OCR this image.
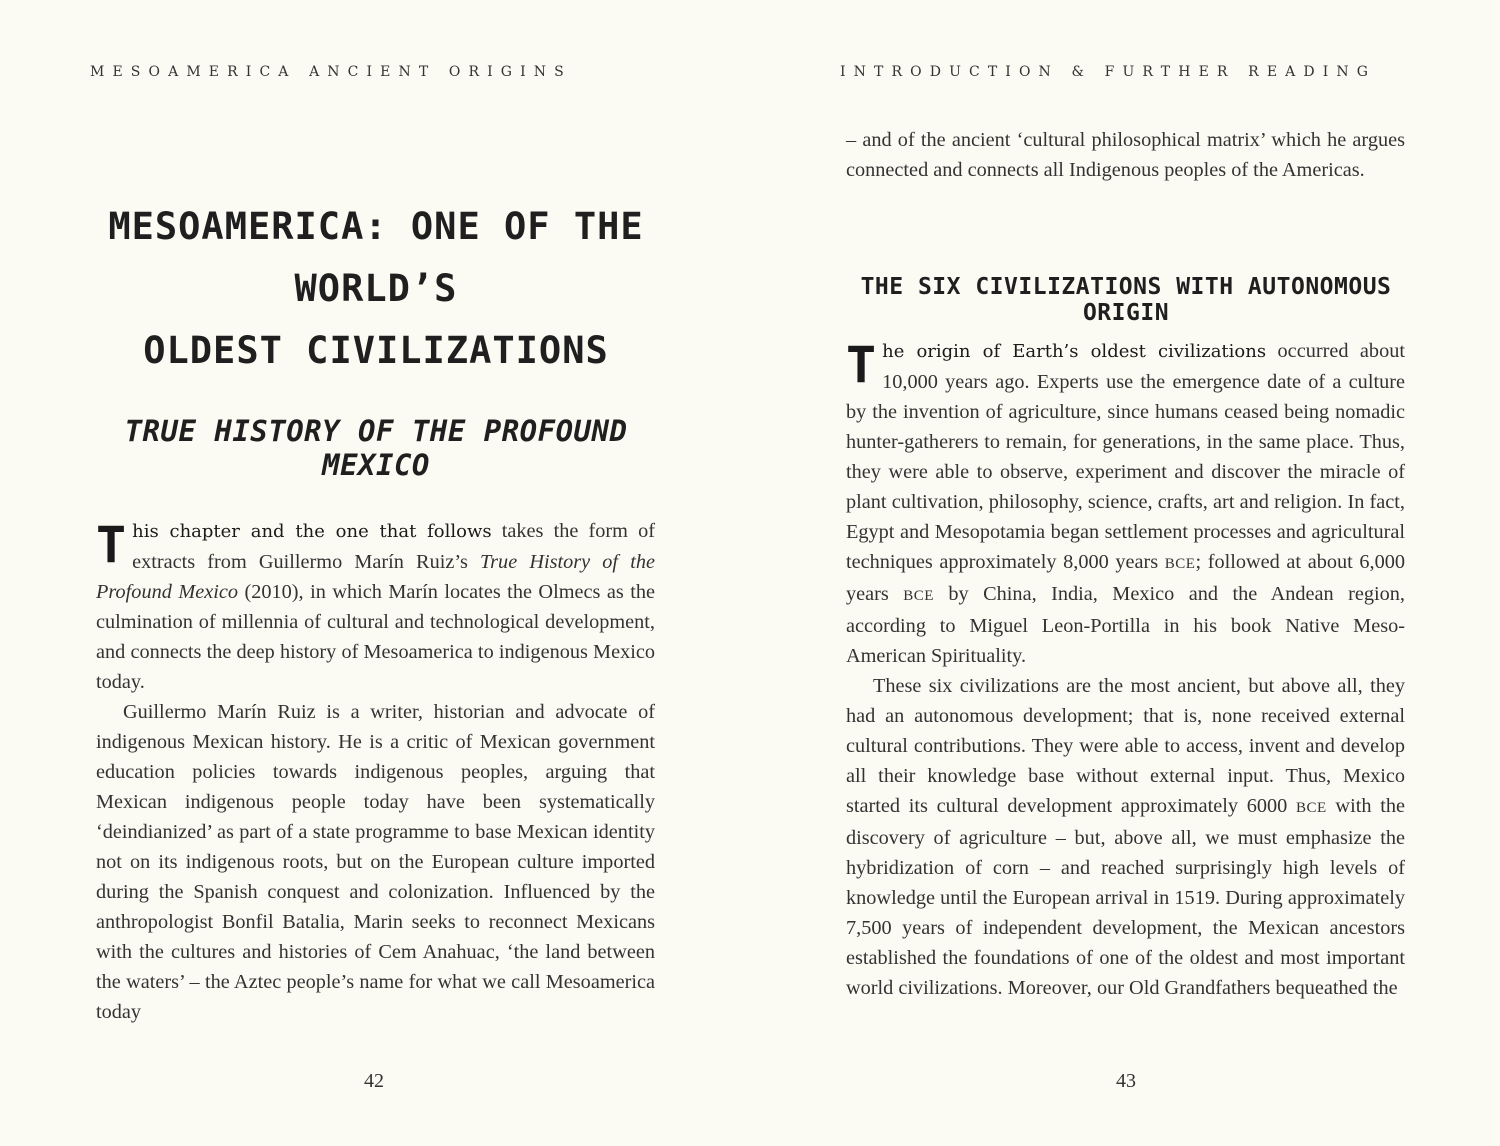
MESOAMERICA ANCIENT ORIGINS
MESOAMERICA: ONE OF THE WORLD’S
OLDEST CIVILIZATIONS
TRUE HISTORY OF THE PROFOUND MEXICO

This chapter and the one that follows takes the form of extracts from Guillermo Marín Ruiz’s True History of the Profound Mexico (2010), in which Marín locates the Olmecs as the culmination of millennia of cultural and technological development, and connects the deep history of Mesoamerica to indigenous Mexico today.

Guillermo Marín Ruiz is a writer, historian and advocate of indigenous Mexican history. He is a critic of Mexican government education policies towards indigenous peoples, arguing that Mexican indigenous people today have been systematically ‘deindianized’ as part of a state programme to base Mexican identity not on its indigenous roots, but on the European culture imported during the Spanish conquest and colonization. Influenced by the anthropologist Bonfil Batalia, Marin seeks to reconnect Mexicans with the cultures and histories of Cem Anahuac, ‘the land between the waters’ – the Aztec people’s name for what we call Mesoamerica today

42
INTRODUCTION & FURTHER READING

– and of the ancient ‘cultural philosophical matrix’ which he argues connected and connects all Indigenous peoples of the Americas.

THE SIX CIVILIZATIONS WITH AUTONOMOUS ORIGIN

The origin of Earth’s oldest civilizations occurred about 10,000 years ago. Experts use the emergence date of a culture by the invention of agriculture, since humans ceased being nomadic hunter-gatherers to remain, for generations, in the same place. Thus, they were able to observe, experiment and discover the miracle of plant cultivation, philosophy, science, crafts, art and religion. In fact, Egypt and Mesopotamia began settlement processes and agricultural techniques approximately 8,000 years BCE; followed at about 6,000 years BCE by China, India, Mexico and the Andean region, according to Miguel Leon-Portilla in his book Native Meso-American Spirituality.

These six civilizations are the most ancient, but above all, they had an autonomous development; that is, none received external cultural contributions. They were able to access, invent and develop all their knowledge base without external input. Thus, Mexico started its cultural development approximately 6000 BCE with the discovery of agriculture – but, above all, we must emphasize the hybridization of corn – and reached surprisingly high levels of knowledge until the European arrival in 1519. During approximately 7,500 years of independent development, the Mexican ancestors established the foundations of one of the oldest and most important world civilizations. Moreover, our Old Grandfathers bequeathed the

43
